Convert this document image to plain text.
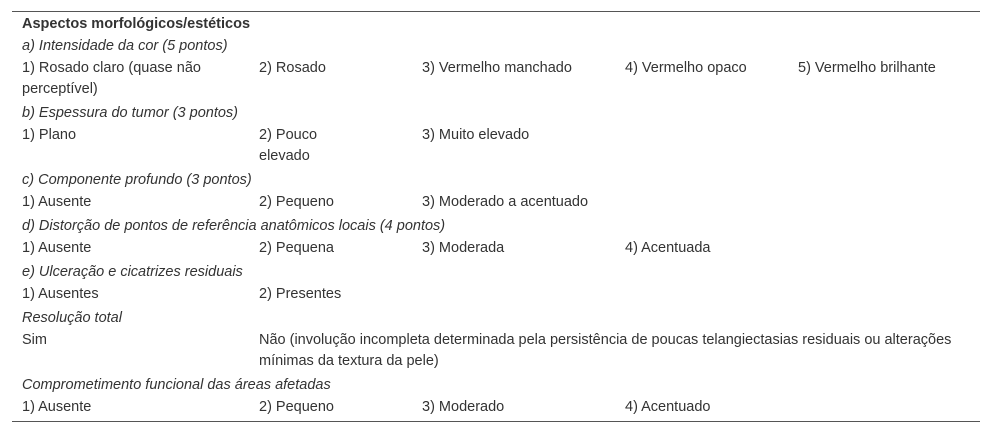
Aspectos morfológicos/estéticos				
a) Intensidade da cor (5 pontos)				
1) Rosado claro (quase não perceptível)	2) Rosado	3) Vermelho manchado	4) Vermelho opaco	5) Vermelho brilhante
b) Espessura do tumor (3 pontos)				
1) Plano	2) Pouco elevado	3) Muito elevado		
c) Componente profundo (3 pontos)				
1) Ausente	2) Pequeno	3) Moderado a acentuado		
d) Distorção de pontos de referência anatômicos locais (4 pontos)				
1) Ausente	2) Pequena	3) Moderada	4) Acentuada	
e) Ulceração e cicatrizes residuais				
1) Ausentes	2) Presentes			
Resolução total				
Sim	Não (involução incompleta determinada pela persistência de poucas telangiectasias residuais ou alterações mínimas da textura da pele)			
Comprometimento funcional das áreas afetadas				
1) Ausente	2) Pequeno	3) Moderado	4) Acentuado	
